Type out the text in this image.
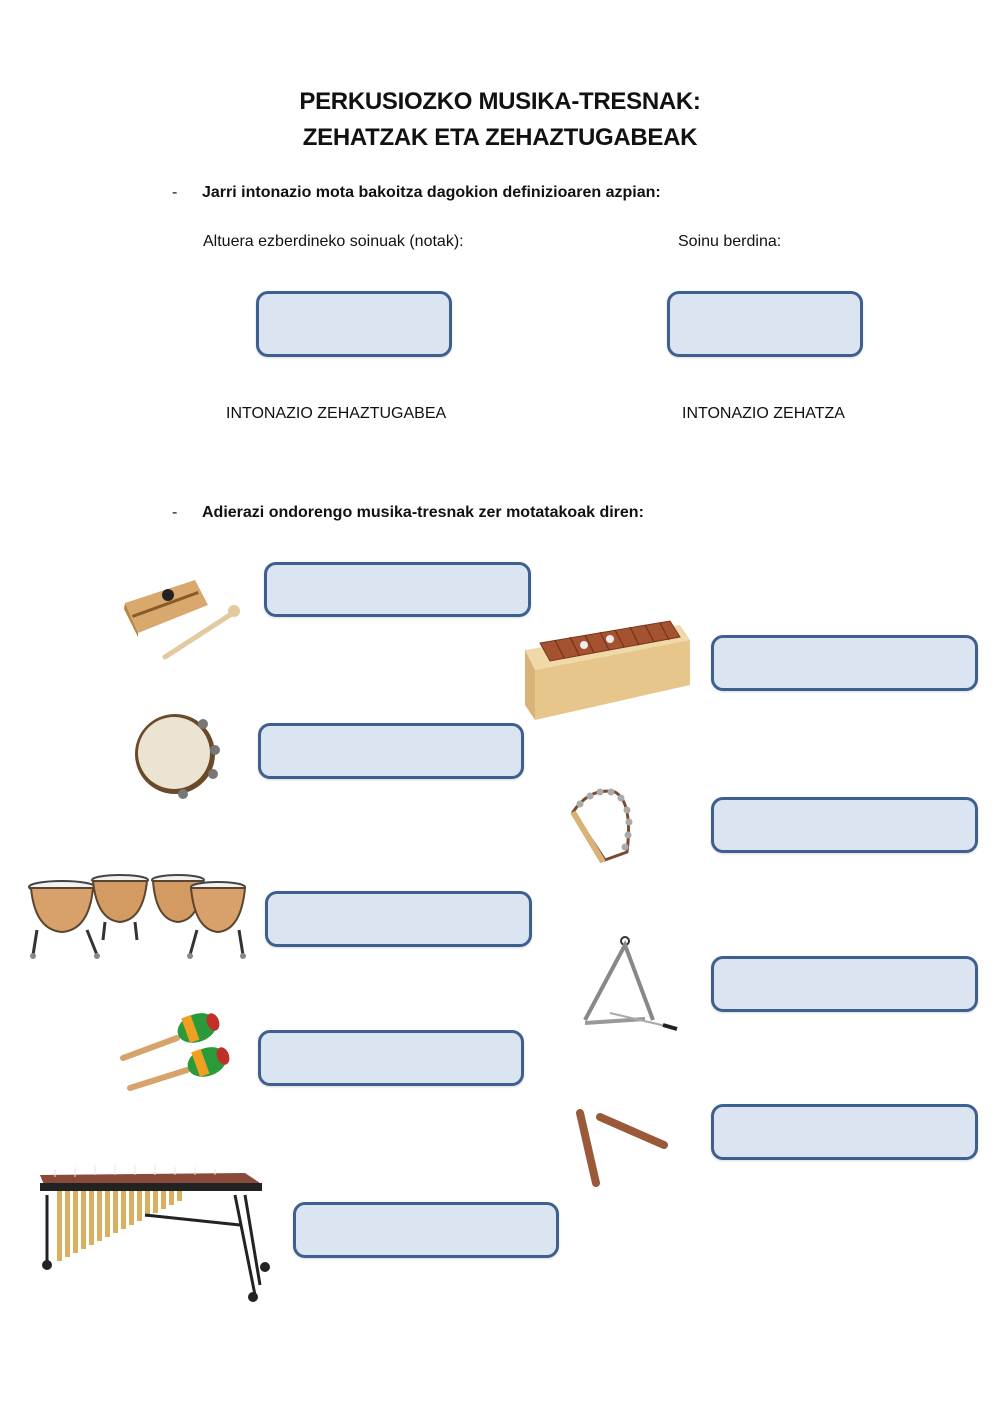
PERKUSIOZKO MUSIKA-TRESNAK:
ZEHATZAK ETA ZEHAZTUGABEAK
- Jarri intonazio mota bakoitza dagokion definizioaren azpian:
Altuera ezberdineko soinuak (notak):	Soinu berdina:
INTONAZIO ZEHAZTUGABEA	INTONAZIO ZEHATZA
- Adierazi ondorengo musika-tresnak zer motatakoak diren:
